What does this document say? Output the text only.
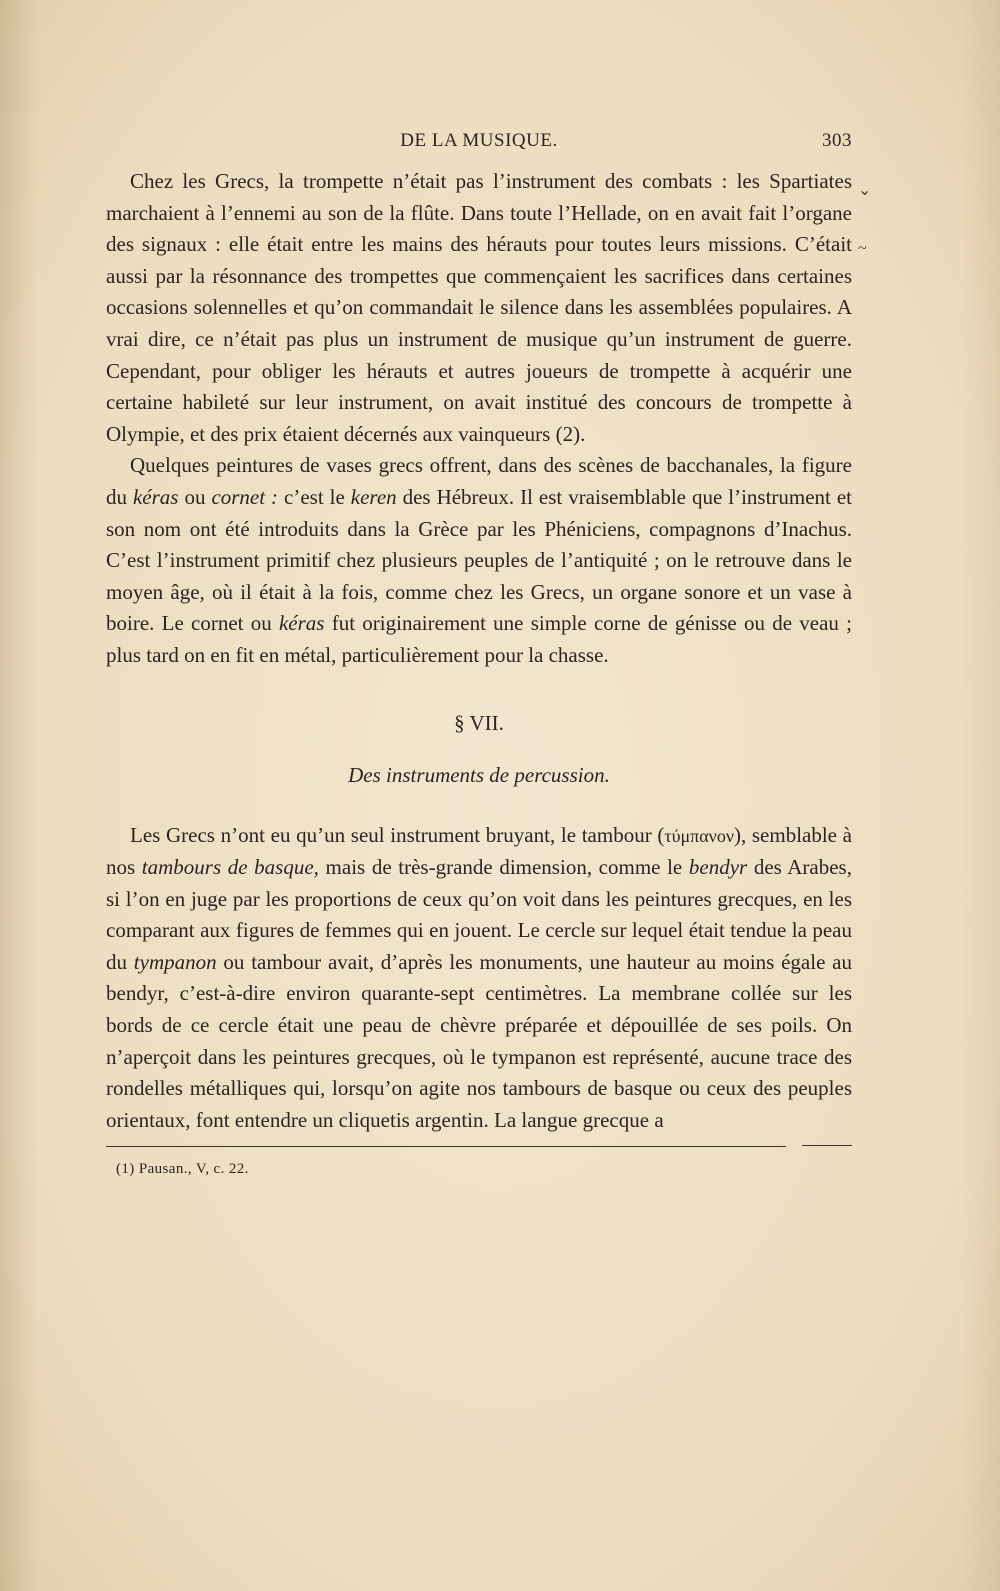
DE LA MUSIQUE.	303

Chez les Grecs, la trompette n’était pas l’instrument des combats : les Spartiates marchaient à l’ennemi au son de la flûte. Dans toute l’Hellade, on en avait fait l’organe des signaux : elle était entre les mains des hérauts pour toutes leurs missions. C’était aussi par la résonnance des trompettes que commençaient les sacrifices dans certaines occasions solennelles et qu’on commandait le silence dans les assemblées populaires. A vrai dire, ce n’était pas plus un instrument de musique qu’un instrument de guerre. Cependant, pour obliger les hérauts et autres joueurs de trompette à acquérir une certaine habileté sur leur instrument, on avait institué des concours de trompette à Olympie, et des prix étaient décernés aux vainqueurs (2).

Quelques peintures de vases grecs offrent, dans des scènes de bacchanales, la figure du kéras ou cornet : c’est le keren des Hébreux. Il est vraisemblable que l’instrument et son nom ont été introduits dans la Grèce par les Phéniciens, compagnons d’Inachus. C’est l’instrument primitif chez plusieurs peuples de l’antiquité ; on le retrouve dans le moyen âge, où il était à la fois, comme chez les Grecs, un organe sonore et un vase à boire. Le cornet ou kéras fut originairement une simple corne de génisse ou de veau ; plus tard on en fit en métal, particulièrement pour la chasse.

§ VII.
Des instruments de percussion.

Les Grecs n’ont eu qu’un seul instrument bruyant, le tambour (τύμπανον), semblable à nos tambours de basque, mais de très-grande dimension, comme le bendyr des Arabes, si l’on en juge par les proportions de ceux qu’on voit dans les peintures grecques, en les comparant aux figures de femmes qui en jouent. Le cercle sur lequel était tendue la peau du tympanon ou tambour avait, d’après les monuments, une hauteur au moins égale au bendyr, c’est-à-dire environ quarante-sept centimètres. La membrane collée sur les bords de ce cercle était une peau de chèvre préparée et dépouillée de ses poils. On n’aperçoit dans les peintures grecques, où le tympanon est représenté, aucune trace des rondelles métalliques qui, lorsqu’on agite nos tambours de basque ou ceux des peuples orientaux, font entendre un cliquetis argentin. La langue grecque a

(1) Pausan., V, c. 22.
⌄
~
